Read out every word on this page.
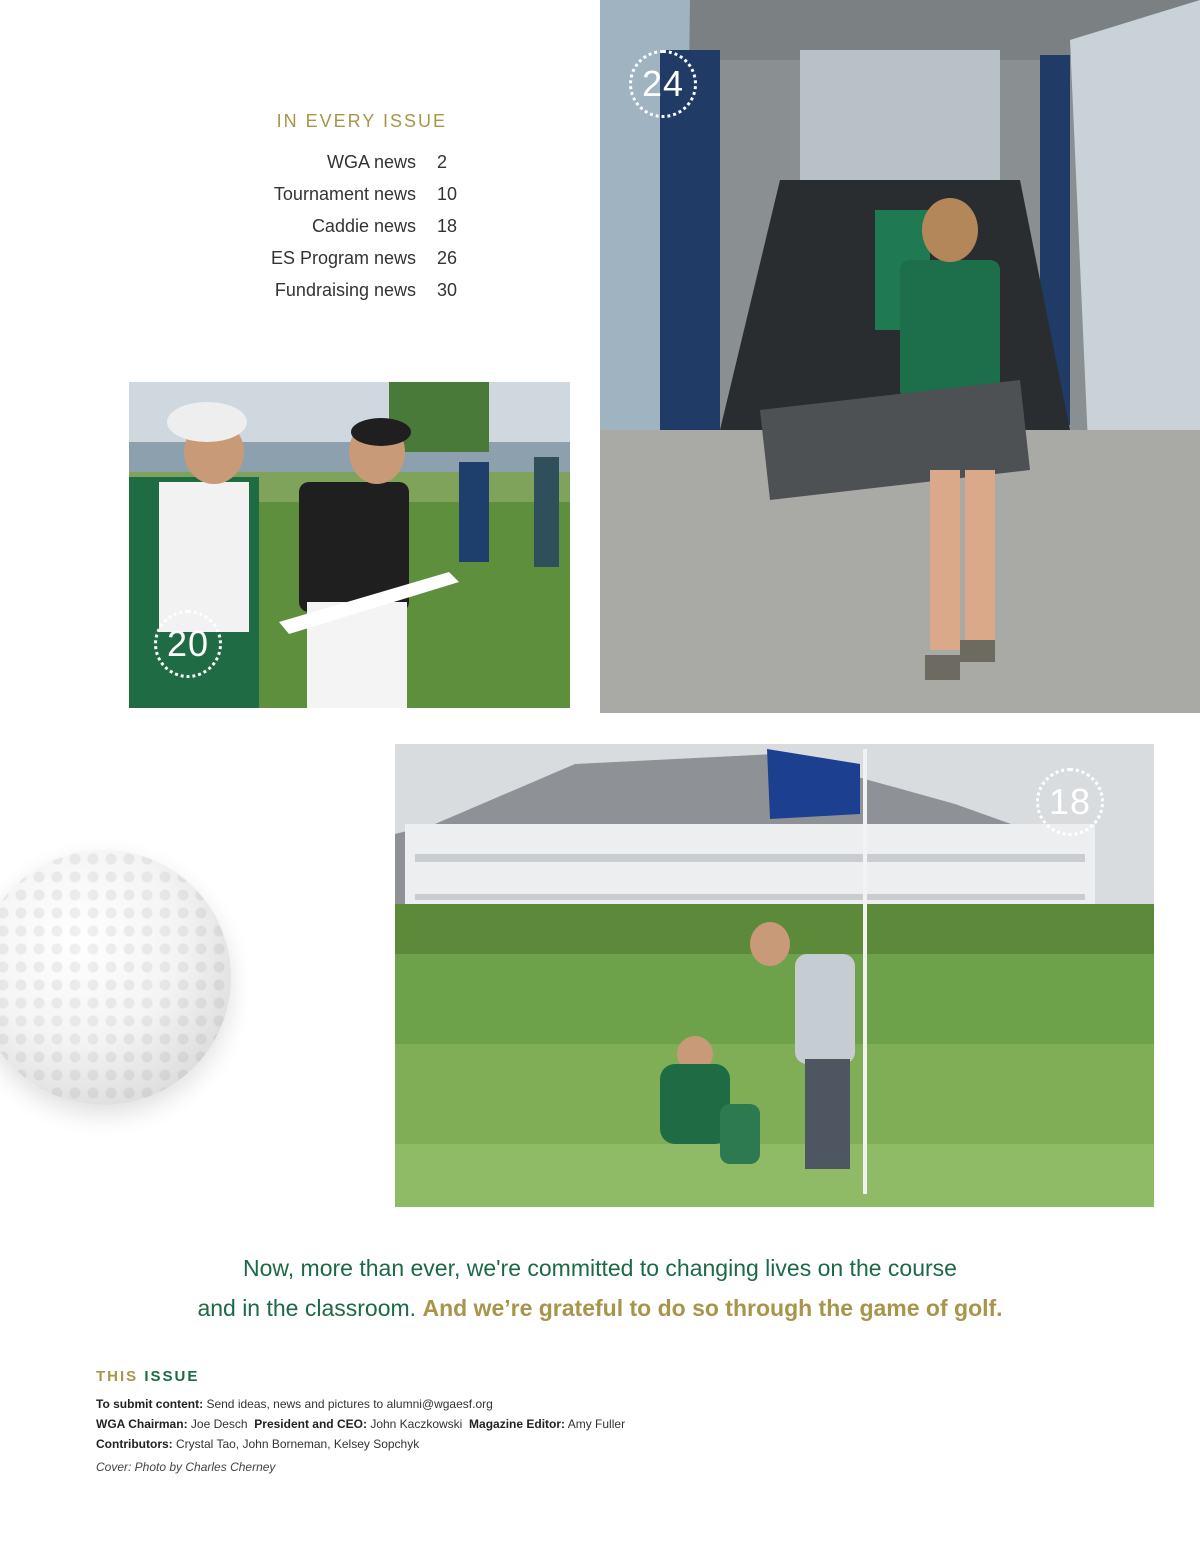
IN EVERY ISSUE
WGA news 2
Tournament news 10
Caddie news 18
ES Program news 26
Fundraising news 30
24
20
18
Now, more than ever, we're committed to changing lives on the course
and in the classroom. And we’re grateful to do so through the game of golf.
THIS ISSUE
To submit content: Send ideas, news and pictures to alumni@wgaesf.org
WGA Chairman: Joe Desch President and CEO: John Kaczkowski Magazine Editor: Amy Fuller
Contributors: Crystal Tao, John Borneman, Kelsey Sopchyk
Cover: Photo by Charles Cherney
